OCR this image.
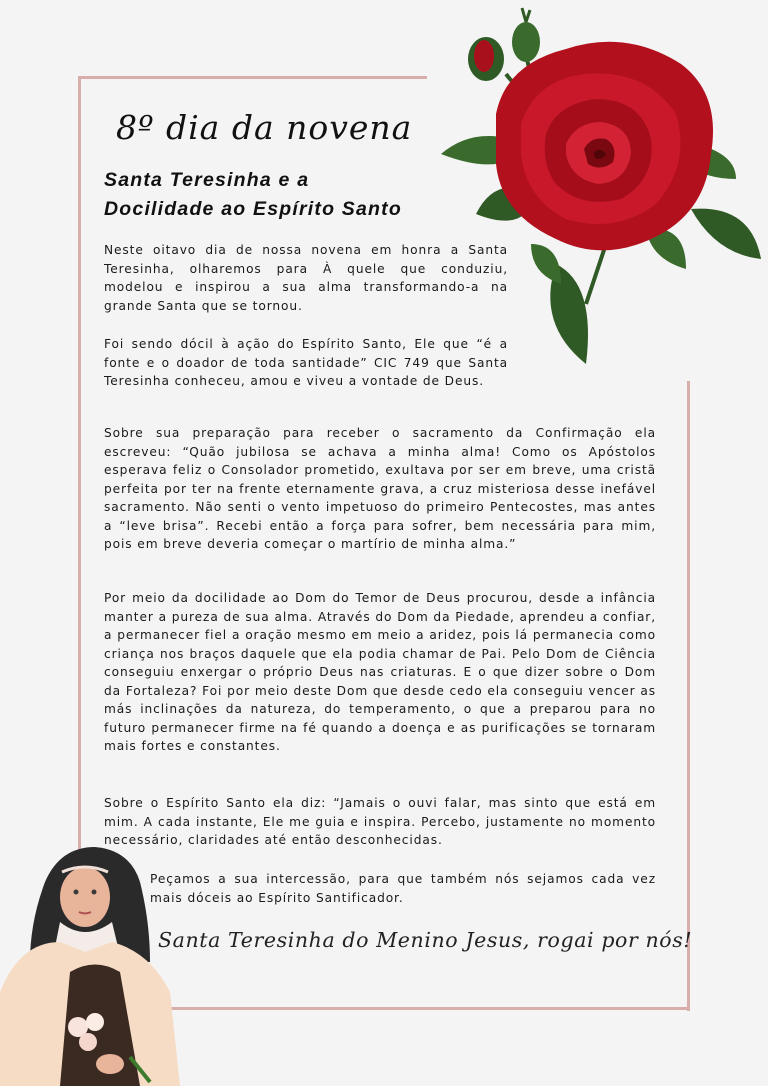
8º dia da novena
Santa Teresinha e a
Docilidade ao Espírito Santo
Neste oitavo dia de nossa novena em honra a Santa Teresinha, olharemos para À quele que conduziu, modelou e inspirou a sua alma transformando-a na grande Santa que se tornou.
Foi sendo dócil à ação do Espírito Santo, Ele que “é a fonte e o doador de toda santidade” CIC 749 que Santa Teresinha conheceu, amou e viveu a vontade de Deus.
Sobre sua preparação para receber o sacramento da Confirmação ela escreveu: “Quão jubilosa se achava a minha alma! Como os Apóstolos esperava feliz o Consolador prometido, exultava por ser em breve, uma cristã perfeita por ter na frente eternamente grava, a cruz misteriosa desse inefável sacramento. Não senti o vento impetuoso do primeiro Pentecostes, mas antes a “leve brisa”. Recebi então a força para sofrer, bem necessária para mim, pois em breve deveria começar o martírio de minha alma.”
Por meio da docilidade ao Dom do Temor de Deus procurou, desde a infância manter a pureza de sua alma. Através do Dom da Piedade, aprendeu a confiar, a permanecer fiel a oração mesmo em meio a aridez, pois lá permanecia como criança nos braços daquele que ela podia chamar de Pai. Pelo Dom de Ciência conseguiu enxergar o próprio Deus nas criaturas. E o que dizer sobre o Dom da Fortaleza? Foi por meio deste Dom que desde cedo ela conseguiu vencer as más inclinações da natureza, do temperamento, o que a preparou para no futuro permanecer firme na fé quando a doença e as purificações se tornaram mais fortes e constantes.
Sobre o Espírito Santo ela diz: “Jamais o ouvi falar, mas sinto que está em mim. A cada instante, Ele me guia e inspira. Percebo, justamente no momento necessário, claridades até então desconhecidas.
Peçamos a sua intercessão, para que também nós sejamos cada vez mais dóceis ao Espírito Santificador.
Santa Teresinha do Menino Jesus, rogai por nós!
